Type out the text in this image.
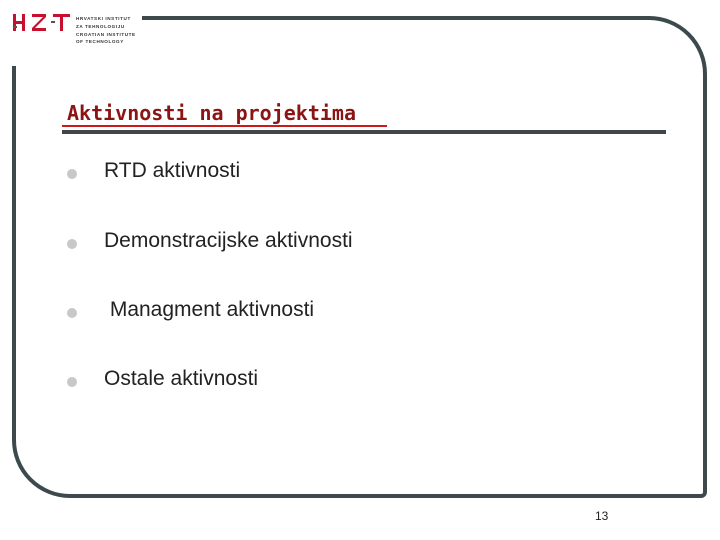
HRVATSKI INSTITUT
ZA TEHNOLOGIJU
CROATIAN INSTITUTE
OF TECHNOLOGY
Aktivnosti na projektima
RTD aktivnosti
Demonstracijske aktivnosti
Managment aktivnosti
Ostale aktivnosti
13
